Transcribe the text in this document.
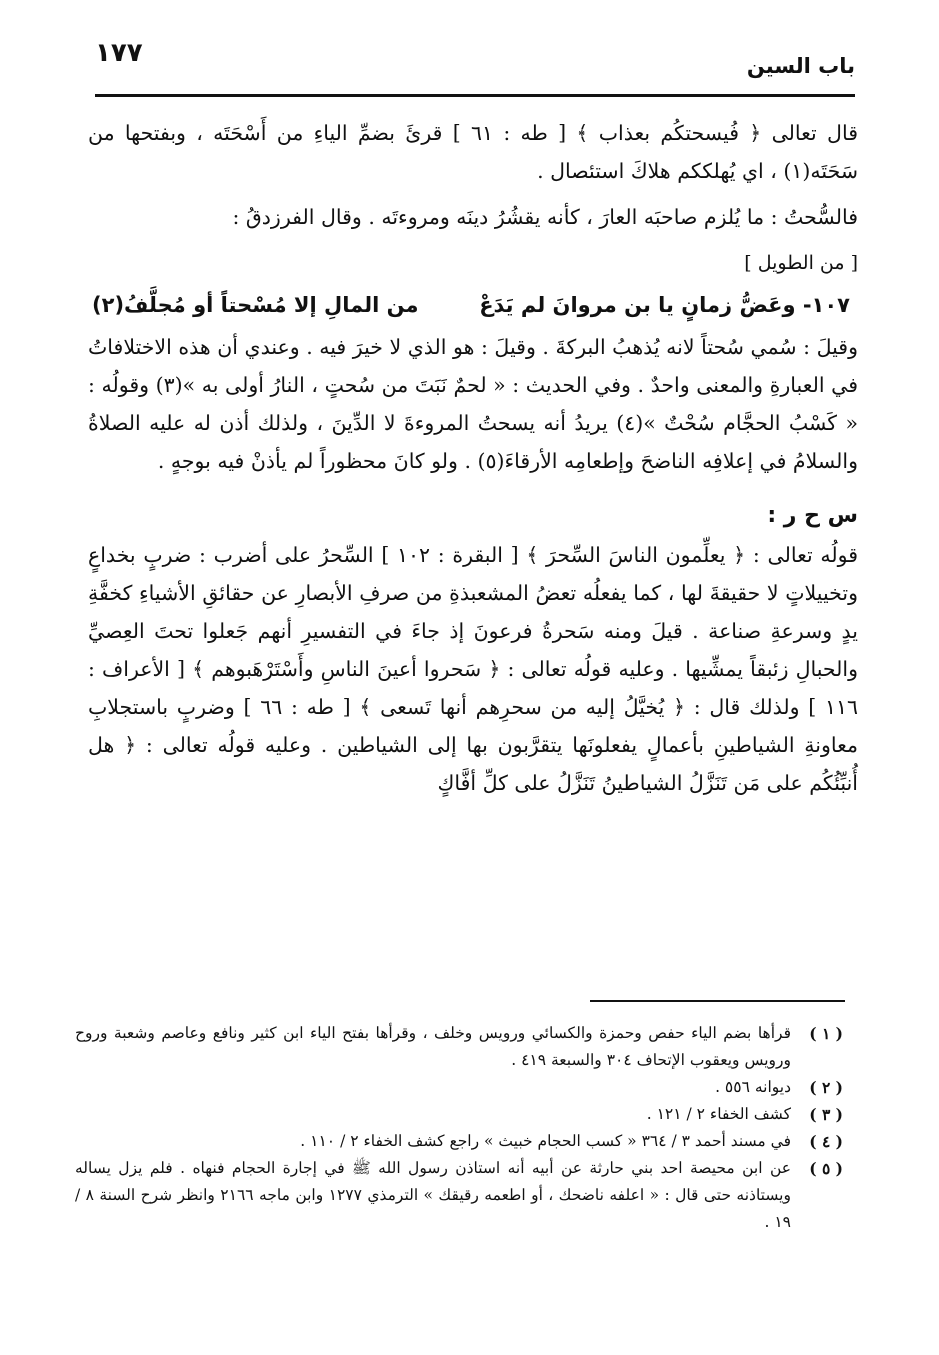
١٧٧	باب السين

قال تعالى ﴿ فُيسحتكُم بعذاب ﴾ [ طه : ٦١ ] قرئَ بضمِّ الياءِ من أَسْحَتَه ، وبفتحها من سَحَتَه(١) ، اي يُهلككم هلاكَ استئصال .

فالسُّحتُ : ما يُلزم صاحبَه العارَ ، كأنه يقشُرُ دينَه ومروءتَه . وقال الفرزدقُ :

[ من الطويل ]

١٠٧- وعَضُّ زمانٍ يا بن مروانَ لم يَدَعْ
من المالِ إلا مُسْحتاً أو مُجلَّفُ(٢)

وقيلَ : سُمي سُحتاً لانه يُذهبُ البركةَ . وقيلَ : هو الذي لا خيرَ فيه . وعندي أن هذه الاختلافاتُ في العبارةِ والمعنى واحدٌ . وفي الحديث : « لحمٌ نَبَتَ من سُحتٍ ، النارُ أولى به »(٣) وقولُه : « كَسْبُ الحجَّام سُحْتٌ »(٤) يريدُ أنه يسحتُ المروءةَ لا الدِّينَ ، ولذلك أذن له عليه الصلاةُ والسلامُ في إعلافِه الناضحَ وإطعامِه الأرقاءَ(٥) . ولو كانَ محظوراً لم يأذنْ فيه بوجهٍ .

س ح ر :

قولُه تعالى : ﴿ يعلِّمون الناسَ السِّحرَ ﴾ [ البقرة : ١٠٢ ] السِّحرُ على أضرب : ضربٍ بخداعٍ وتخييلاتٍ لا حقيقةَ لها ، كما يفعلُه تعضُ المشعبذةِ من صرفِ الأبصارِ عن حقائقِ الأشياءِ كخفَّةِ يدٍ وسرعةِ صناعة . قيلَ ومنه سَحرةُ فرعونَ إذ جاءَ في التفسيرِ أنهم جَعلوا تحتَ العِصيِّ والحبالِ زئبقاً يمشِّيها . وعليه قولُه تعالى : ﴿ سَحروا أعينَ الناسِ وأَسْتَرْهَبوهم ﴾ [ الأعراف : ١١٦ ] ولذلك قال : ﴿ يُخيَّلُ إليه من سحرِهم أنها تَسعى ﴾ [ طه : ٦٦ ] وضربٍ باستجلابِ معاونةِ الشياطينِ بأعمالٍ يفعلونَها يتقرَّبون بها إلى الشياطين . وعليه قولُه تعالى : ﴿ هل أُنبِّئُكُم على مَن تَنَزَّلُ الشياطينُ تَنَزَّلُ على كلِّ أفَّاكٍ

( ١ )
قرأها بضم الياء حفص وحمزة والكسائي ورويس وخلف ، وقرأها بفتح الياء ابن كثير ونافع وعاصم وشعبة وروح ورويس ويعقوب الإتحاف ٣٠٤ والسبعة ٤١٩ .
( ٢ )
ديوانه ٥٥٦ .
( ٣ )
كشف الخفاء ٢ / ١٢١ .
( ٤ )
في مسند أحمد ٣ / ٣٦٤ « كسب الحجام خبيث » راجع كشف الخفاء ٢ / ١١٠ .
( ٥ )
عن ابن محيصة احد بني حارثة عن أبيه أنه استاذن رسول الله ﷺ في إجارة الحجام فنهاه . فلم يزل يساله ويستاذنه حتى قال : « اعلفه ناضحك ، أو اطعمه رقيقك » الترمذي ١٢٧٧ وابن ماجه ٢١٦٦ وانظر شرح السنة ٨ / ١٩ .
